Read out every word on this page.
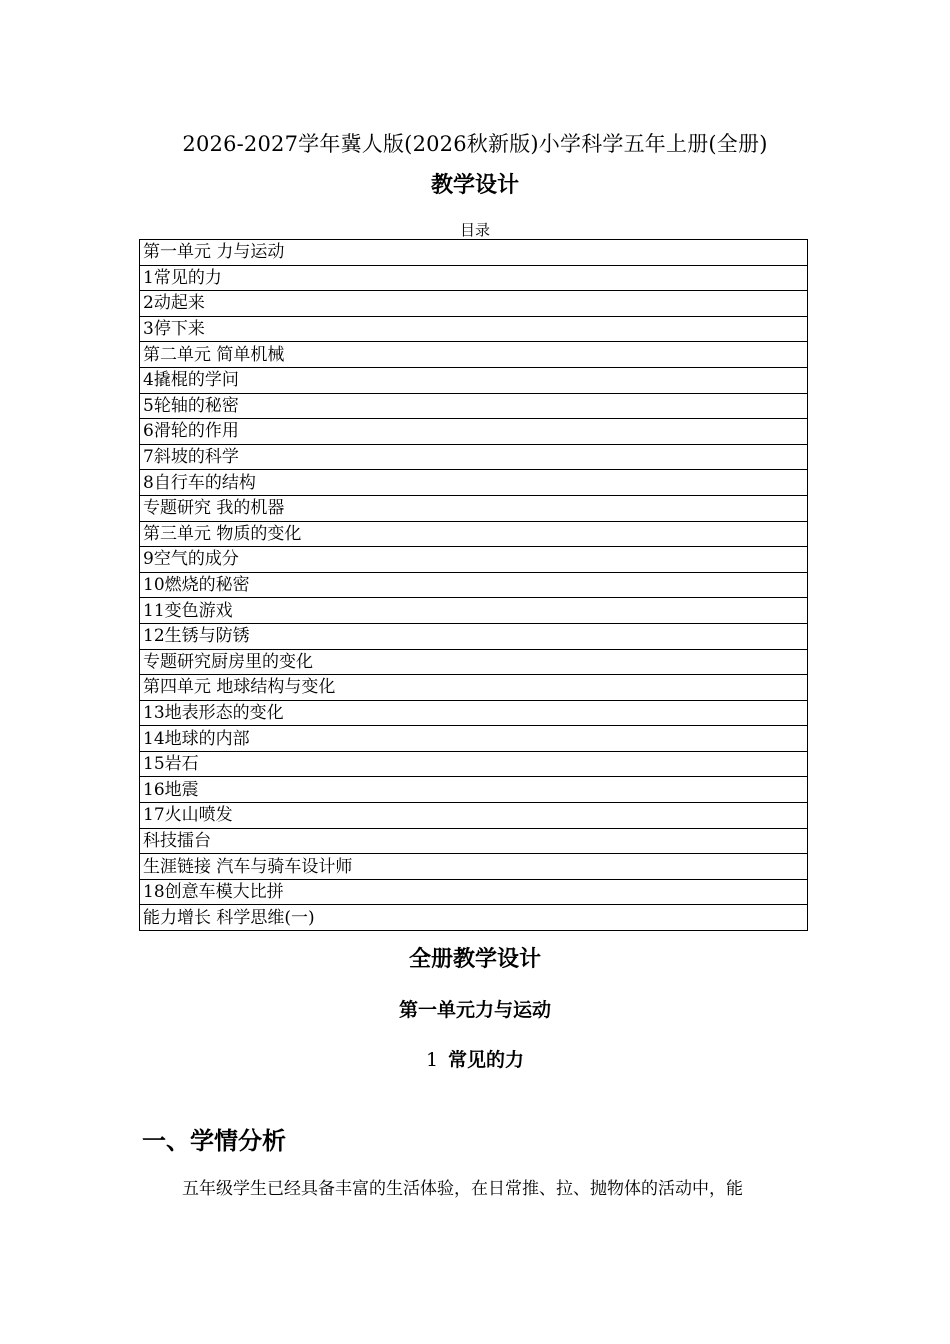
2026-2027学年冀人版(2026秋新版)小学科学五年上册(全册)
教学设计
目录
第一单元 力与运动
1常见的力
2动起来
3停下来
第二单元 简单机械
4撬棍的学问
5轮轴的秘密
6滑轮的作用
7斜坡的科学
8自行车的结构
专题研究 我的机器
第三单元 物质的变化
9空气的成分
10燃烧的秘密
11变色游戏
12生锈与防锈
专题研究厨房里的变化
第四单元 地球结构与变化
13地表形态的变化
14地球的内部
15岩石
16地震
17火山喷发
科技擂台
生涯链接 汽车与骑车设计师
18创意车模大比拼
能力增长 科学思维(一)
全册教学设计
第一单元力与运动
1 常见的力
一、学情分析
五年级学生已经具备丰富的生活体验，在日常推、拉、抛物体的活动中，能
